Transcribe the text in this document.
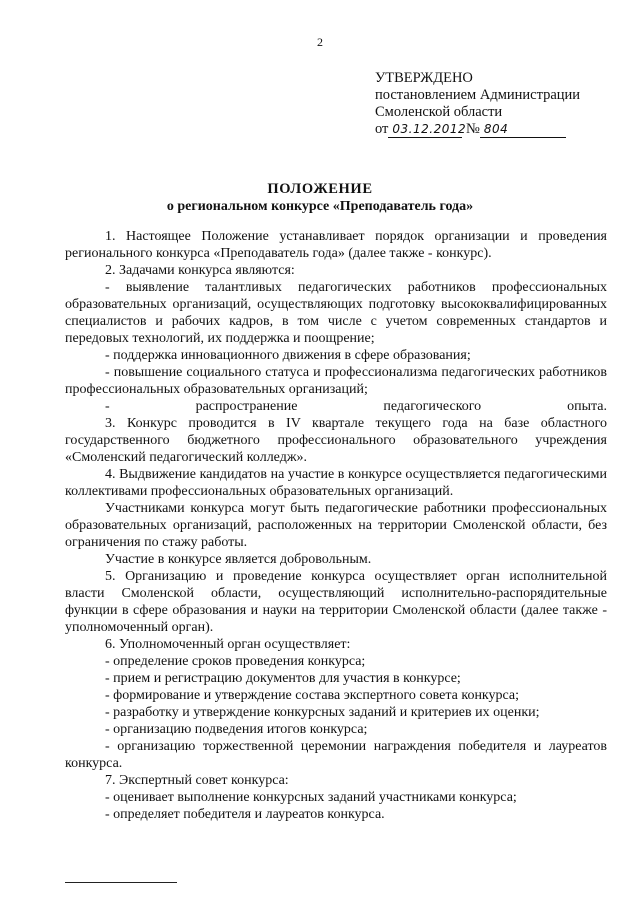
2
УТВЕРЖДЕНО
постановлением Администрации
Смоленской области
от 03.12.2012 № 804
ПОЛОЖЕНИЕ
о региональном конкурсе «Преподаватель года»

1. Настоящее Положение устанавливает порядок организации и проведения регионального конкурса «Преподаватель года» (далее также - конкурс).

2. Задачами конкурса являются:

- выявление талантливых педагогических работников профессиональных образовательных организаций, осуществляющих подготовку высококвалифицированных специалистов и рабочих кадров, в том числе с учетом современных стандартов и передовых технологий, их поддержка и поощрение;

- поддержка инновационного движения в сфере образования;

- повышение социального статуса и профессионализма педагогических работников профессиональных образовательных организаций;

- распространение педагогического опыта.

3. Конкурс проводится в IV квартале текущего года на базе областного государственного бюджетного профессионального образовательного учреждения «Смоленский педагогический колледж».

4. Выдвижение кандидатов на участие в конкурсе осуществляется педагогическими коллективами профессиональных образовательных организаций.

Участниками конкурса могут быть педагогические работники профессиональных образовательных организаций, расположенных на территории Смоленской области, без ограничения по стажу работы.

Участие в конкурсе является добровольным.

5. Организацию и проведение конкурса осуществляет орган исполнительной власти Смоленской области, осуществляющий исполнительно-распорядительные функции в сфере образования и науки на территории Смоленской области (далее также - уполномоченный орган).

6. Уполномоченный орган осуществляет:

- определение сроков проведения конкурса;

- прием и регистрацию документов для участия в конкурсе;

- формирование и утверждение состава экспертного совета конкурса;

- разработку и утверждение конкурсных заданий и критериев их оценки;

- организацию подведения итогов конкурса;

- организацию торжественной церемонии награждения победителя и лауреатов конкурса.

7. Экспертный совет конкурса:

- оценивает выполнение конкурсных заданий участниками конкурса;

- определяет победителя и лауреатов конкурса.
